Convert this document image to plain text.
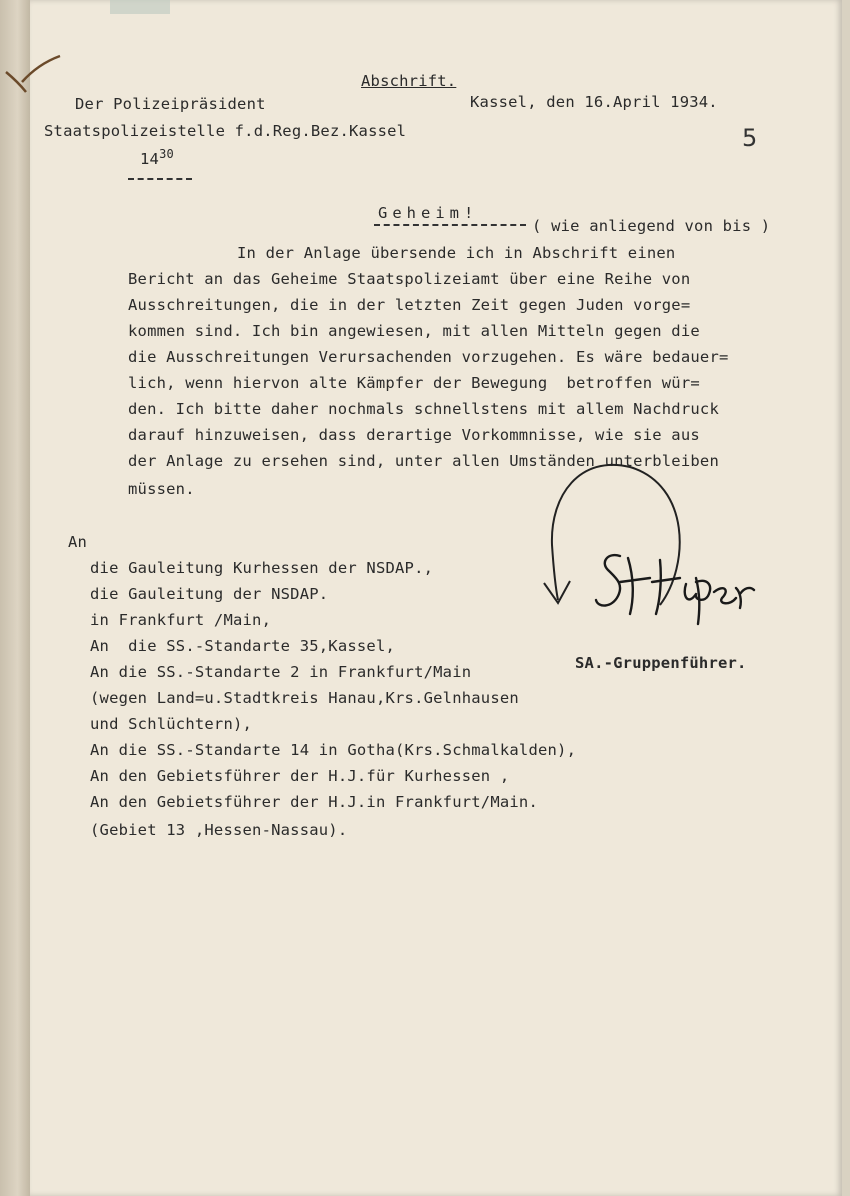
Abschrift.
Der Polizeipräsident	Kassel, den 16.April 1934.
Staatspolizeistelle f.d.Reg.Bez.Kassel	5
$14^{30}$
Geheim!
( wie anliegend von bis )
In der Anlage übersende ich in Abschrift einen
Bericht an das Geheime Staatspolizeiamt über eine Reihe von
Ausschreitungen, die in der letzten Zeit gegen Juden vorge=
kommen sind. Ich bin angewiesen, mit allen Mitteln gegen die
die Ausschreitungen Verursachenden vorzugehen. Es wäre bedauer=
lich, wenn hiervon alte Kämpfer der Bewegung  betroffen wür=
den. Ich bitte daher nochmals schnellstens mit allem Nachdruck
darauf hinzuweisen, dass derartige Vorkommnisse, wie sie aus
der Anlage zu ersehen sind, unter allen Umständen unterbleiben
müssen.
An
die Gauleitung Kurhessen der NSDAP.,
die Gauleitung der NSDAP.
in Frankfurt /Main,
An  die SS.-Standarte 35,Kassel,
An die SS.-Standarte 2 in Frankfurt/Main
(wegen Land=u.Stadtkreis Hanau,Krs.Gelnhausen
und Schlüchtern),
An die SS.-Standarte 14 in Gotha(Krs.Schmalkalden),
An den Gebietsführer der H.J.für Kurhessen ,
An den Gebietsführer der H.J.in Frankfurt/Main.
(Gebiet 13 ,Hessen-Nassau).
SA.-Gruppenführer.
